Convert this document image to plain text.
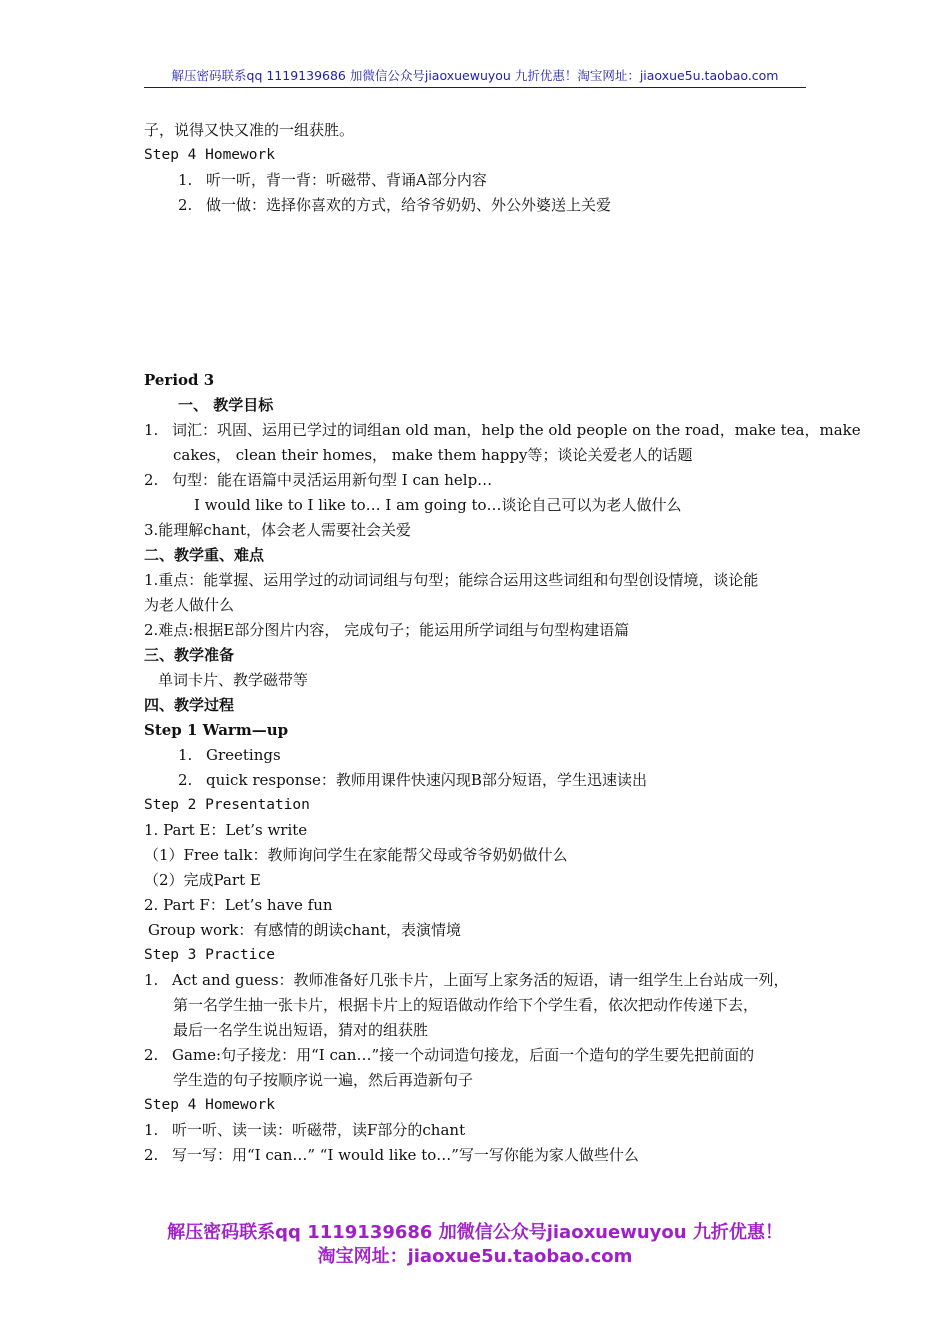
解压密码联系qq 1119139686 加微信公众号jiaoxuewuyou 九折优惠！淘宝网址：jiaoxue5u.taobao.com
子，说得又快又准的一组获胜。
Step 4 Homework
1. 听一听，背一背：听磁带、背诵A部分内容
2. 做一做：选择你喜欢的方式，给爷爷奶奶、外公外婆送上关爱
Period 3
一、 教学目标
1. 词汇：巩固、运用已学过的词组an old man，help the old people on the road，make tea，make
cakes， clean their homes， make them happy等；谈论关爱老人的话题
2. 句型：能在语篇中灵活运用新句型 I can help…
I would like to I like to… I am going to…谈论自己可以为老人做什么
3.能理解chant，体会老人需要社会关爱
二、教学重、难点
1.重点：能掌握、运用学过的动词词组与句型；能综合运用这些词组和句型创设情境，谈论能
为老人做什么
2.难点:根据E部分图片内容， 完成句子；能运用所学词组与句型构建语篇
三、教学准备
单词卡片、教学磁带等
四、教学过程
Step 1 Warm—up
1. Greetings
2. quick response：教师用课件快速闪现B部分短语，学生迅速读出
Step 2 Presentation
1. Part E：Let’s write
（1）Free talk：教师询问学生在家能帮父母或爷爷奶奶做什么
（2）完成Part E
2. Part F：Let’s have fun
Group work：有感情的朗读chant，表演情境
Step 3 Practice
1. Act and guess：教师准备好几张卡片，上面写上家务活的短语，请一组学生上台站成一列，
第一名学生抽一张卡片，根据卡片上的短语做动作给下个学生看，依次把动作传递下去，
最后一名学生说出短语，猜对的组获胜
2. Game:句子接龙：用“I can…”接一个动词造句接龙，后面一个造句的学生要先把前面的
学生造的句子按顺序说一遍，然后再造新句子
Step 4 Homework
1. 听一听、读一读：听磁带，读F部分的chant
2. 写一写：用“I can…” “I would like to…”写一写你能为家人做些什么
解压密码联系qq 1119139686 加微信公众号jiaoxuewuyou 九折优惠！
淘宝网址：jiaoxue5u.taobao.com
